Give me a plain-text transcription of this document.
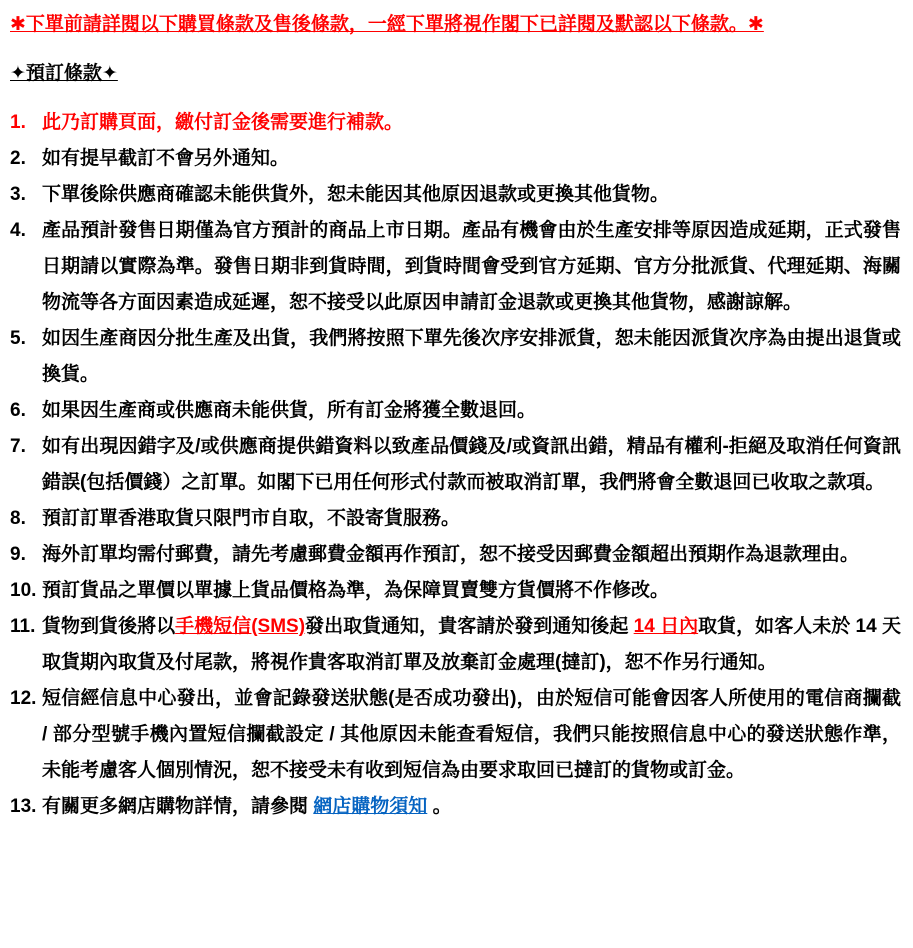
✱下單前請詳閱以下購買條款及售後條款，一經下單將視作閣下已詳閱及默認以下條款。✱
✦預訂條款✦
1. 此乃訂購頁面，繳付訂金後需要進行補款。
2. 如有提早截訂不會另外通知。
3. 下單後除供應商確認未能供貨外，恕未能因其他原因退款或更換其他貨物。
4. 產品預計發售日期僅為官方預計的商品上市日期。產品有機會由於生產安排等原因造成延期，正式發售日期請以實際為準。發售日期非到貨時間，到貨時間會受到官方延期、官方分批派貨、代理延期、海關物流等各方面因素造成延遲，恕不接受以此原因申請訂金退款或更換其他貨物，感謝諒解。
5. 如因生產商因分批生產及出貨，我們將按照下單先後次序安排派貨，恕未能因派貨次序為由提出退貨或換貨。
6. 如果因生產商或供應商未能供貨，所有訂金將獲全數退回。
7. 如有出現因錯字及/或供應商提供錯資料以致產品價錢及/或資訊出錯，精品有權利-拒絕及取消任何資訊錯誤(包括價錢）之訂單。如閣下已用任何形式付款而被取消訂單，我們將會全數退回已收取之款項。
8. 預訂訂單香港取貨只限門市自取，不設寄貨服務。
9. 海外訂單均需付郵費，請先考慮郵費金額再作預訂，恕不接受因郵費金額超出預期作為退款理由。
10. 預訂貨品之單價以單據上貨品價格為準，為保障買賣雙方貨價將不作修改。
11. 貨物到貨後將以手機短信(SMS)發出取貨通知，貴客請於發到通知後起 14 日內取貨，如客人未於 14 天取貨期內取貨及付尾款，將視作貴客取消訂單及放棄訂金處理(撻訂)，恕不作另行通知。
12. 短信經信息中心發出，並會記錄發送狀態(是否成功發出)，由於短信可能會因客人所使用的電信商攔截 / 部分型號手機內置短信攔截設定 / 其他原因未能查看短信，我們只能按照信息中心的發送狀態作準，未能考慮客人個別情況，恕不接受未有收到短信為由要求取回已撻訂的貨物或訂金。
13. 有關更多網店購物詳情，請參閱 網店購物須知 。
